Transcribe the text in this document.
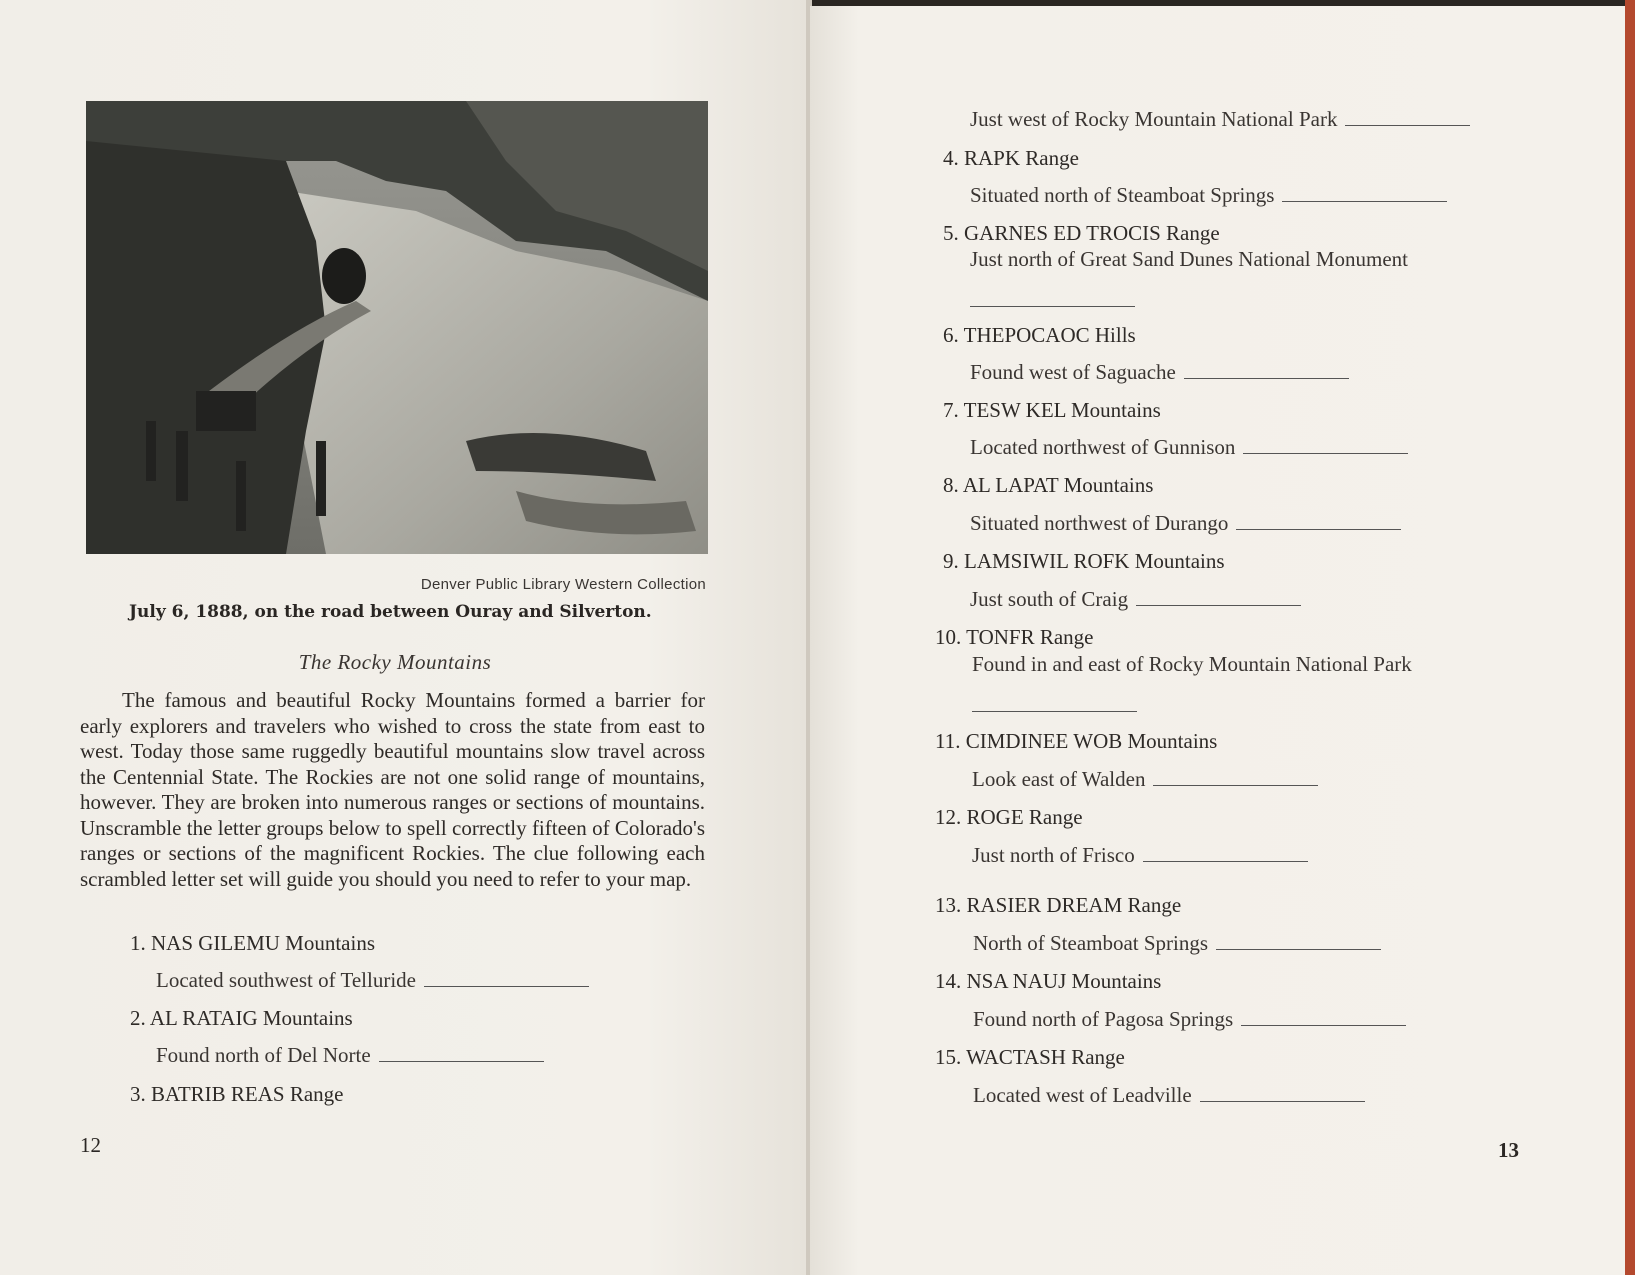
Denver Public Library Western Collection
July 6, 1888, on the road between Ouray and Silverton.
The Rocky Mountains
The famous and beautiful Rocky Mountains formed a barrier for early explorers and travelers who wished to cross the state from east to west. Today those same ruggedly beautiful mountains slow travel across the Centennial State. The Rockies are not one solid range of mountains, however. They are broken into numerous ranges or sections of mountains. Unscramble the letter groups below to spell correctly fifteen of Colorado's ranges or sections of the magnificent Rockies. The clue following each scrambled letter set will guide you should you need to refer to your map.
1. NAS GILEMU Mountains
Located southwest of Telluride
2. AL RATAIG Mountains
Found north of Del Norte
3. BATRIB REAS Range
12
Just west of Rocky Mountain National Park
4. RAPK Range
Situated north of Steamboat Springs
5. GARNES ED TROCIS Range
Just north of Great Sand Dunes National Monument
6. THEPOCAOC Hills
Found west of Saguache
7. TESW KEL Mountains
Located northwest of Gunnison
8. AL LAPAT Mountains
Situated northwest of Durango
9. LAMSIWIL ROFK Mountains
Just south of Craig
10. TONFR Range
Found in and east of Rocky Mountain National Park
11. CIMDINEE WOB Mountains
Look east of Walden
12. ROGE Range
Just north of Frisco
13. RASIER DREAM Range
North of Steamboat Springs
14. NSA NAUJ Mountains
Found north of Pagosa Springs
15. WACTASH Range
Located west of Leadville
13
